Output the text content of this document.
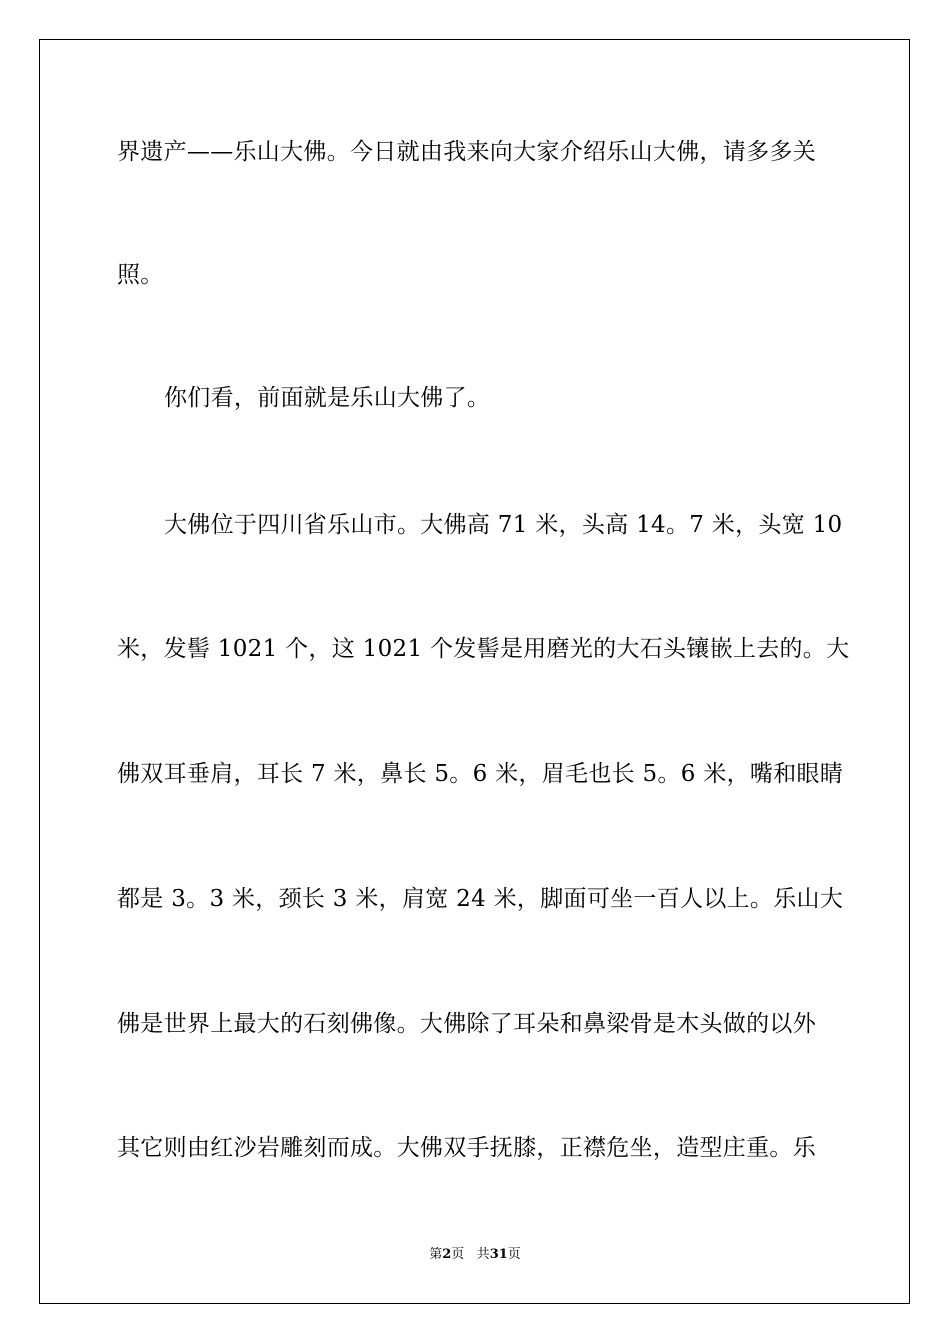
界遗产——乐山大佛。今日就由我来向大家介绍乐山大佛，请多多关
照。
你们看，前面就是乐山大佛了。
大佛位于四川省乐山市。大佛高 71 米，头高 14。7 米，头宽 10
米，发髻 1021 个，这 1021 个发髻是用磨光的大石头镶嵌上去的。大
佛双耳垂肩，耳长 7 米，鼻长 5。6 米，眉毛也长 5。6 米，嘴和眼睛
都是 3。3 米，颈长 3 米，肩宽 24 米，脚面可坐一百人以上。乐山大
佛是世界上最大的石刻佛像。大佛除了耳朵和鼻梁骨是木头做的以外
其它则由红沙岩雕刻而成。大佛双手抚膝，正襟危坐，造型庄重。乐
第2页 共31页
